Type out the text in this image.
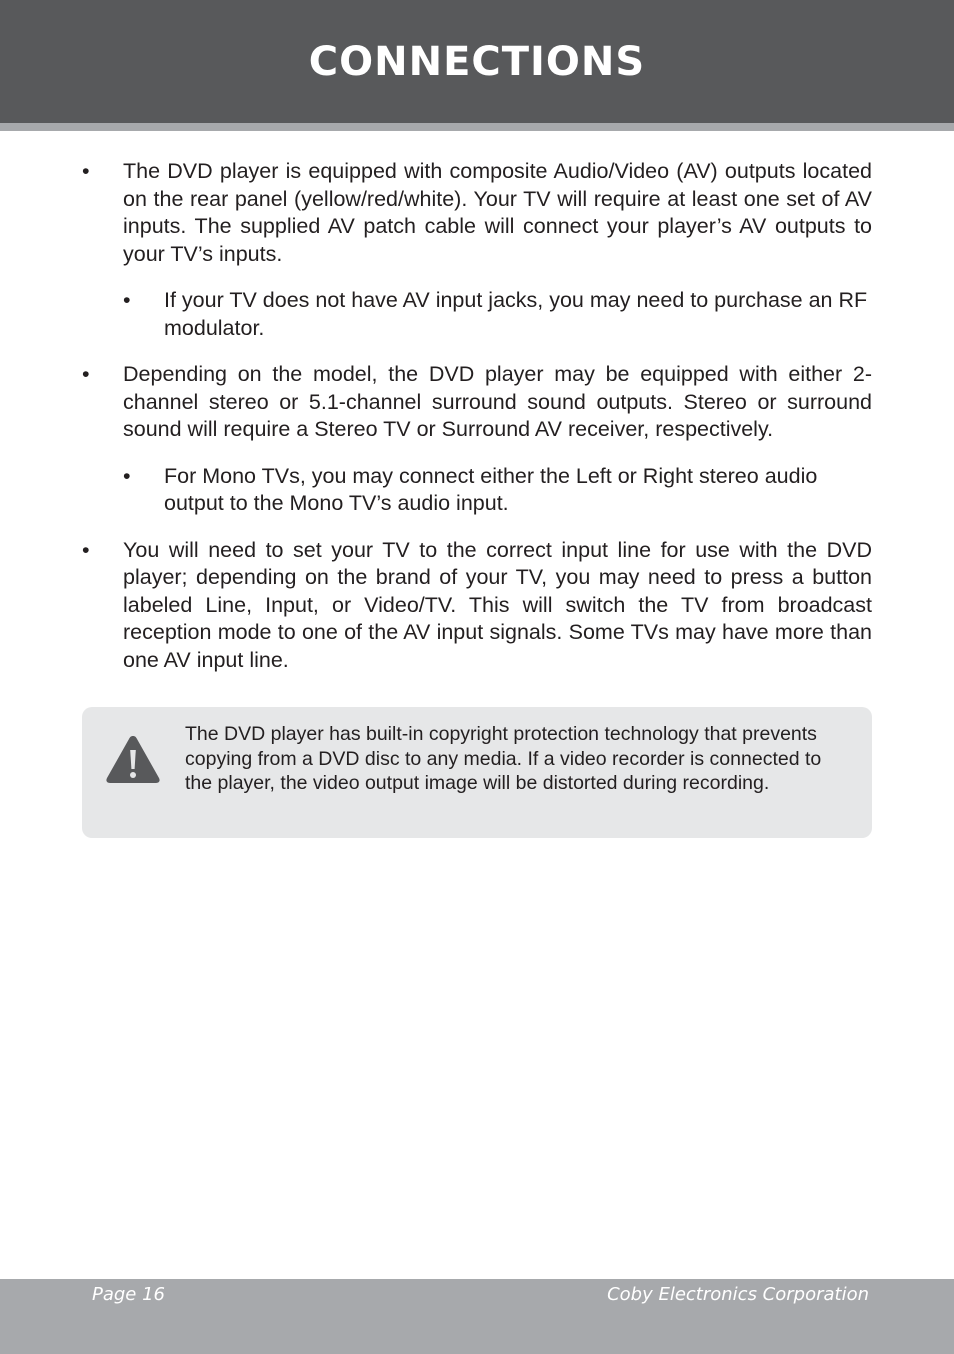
CONNECTIONS
• The DVD player is equipped with composite Audio/Video (AV) outputs located on the rear panel (yellow/red/white). Your TV will require at least one set of AV inputs. The supplied AV patch cable will connect your player’s AV outputs to your TV’s inputs.
• If your TV does not have AV input jacks, you may need to purchase an RF modulator.
• Depending on the model, the DVD player may be equipped with either 2-channel stereo or 5.1-channel surround sound outputs. Stereo or surround sound will require a Stereo TV or Surround AV receiver, respectively.
• For Mono TVs, you may connect either the Left or Right stereo audio output to the Mono TV’s audio input.
• You will need to set your TV to the correct input line for use with the DVD player; depending on the brand of your TV, you may need to press a button labeled Line, Input, or Video/TV. This will switch the TV from broadcast reception mode to one of the AV input signals. Some TVs may have more than one AV input line.
The DVD player has built-in copyright protection technology that prevents copying from a DVD disc to any media. If a video recorder is connected to the player, the video output image will be distorted during recording.
Page 16	Coby Electronics Corporation
